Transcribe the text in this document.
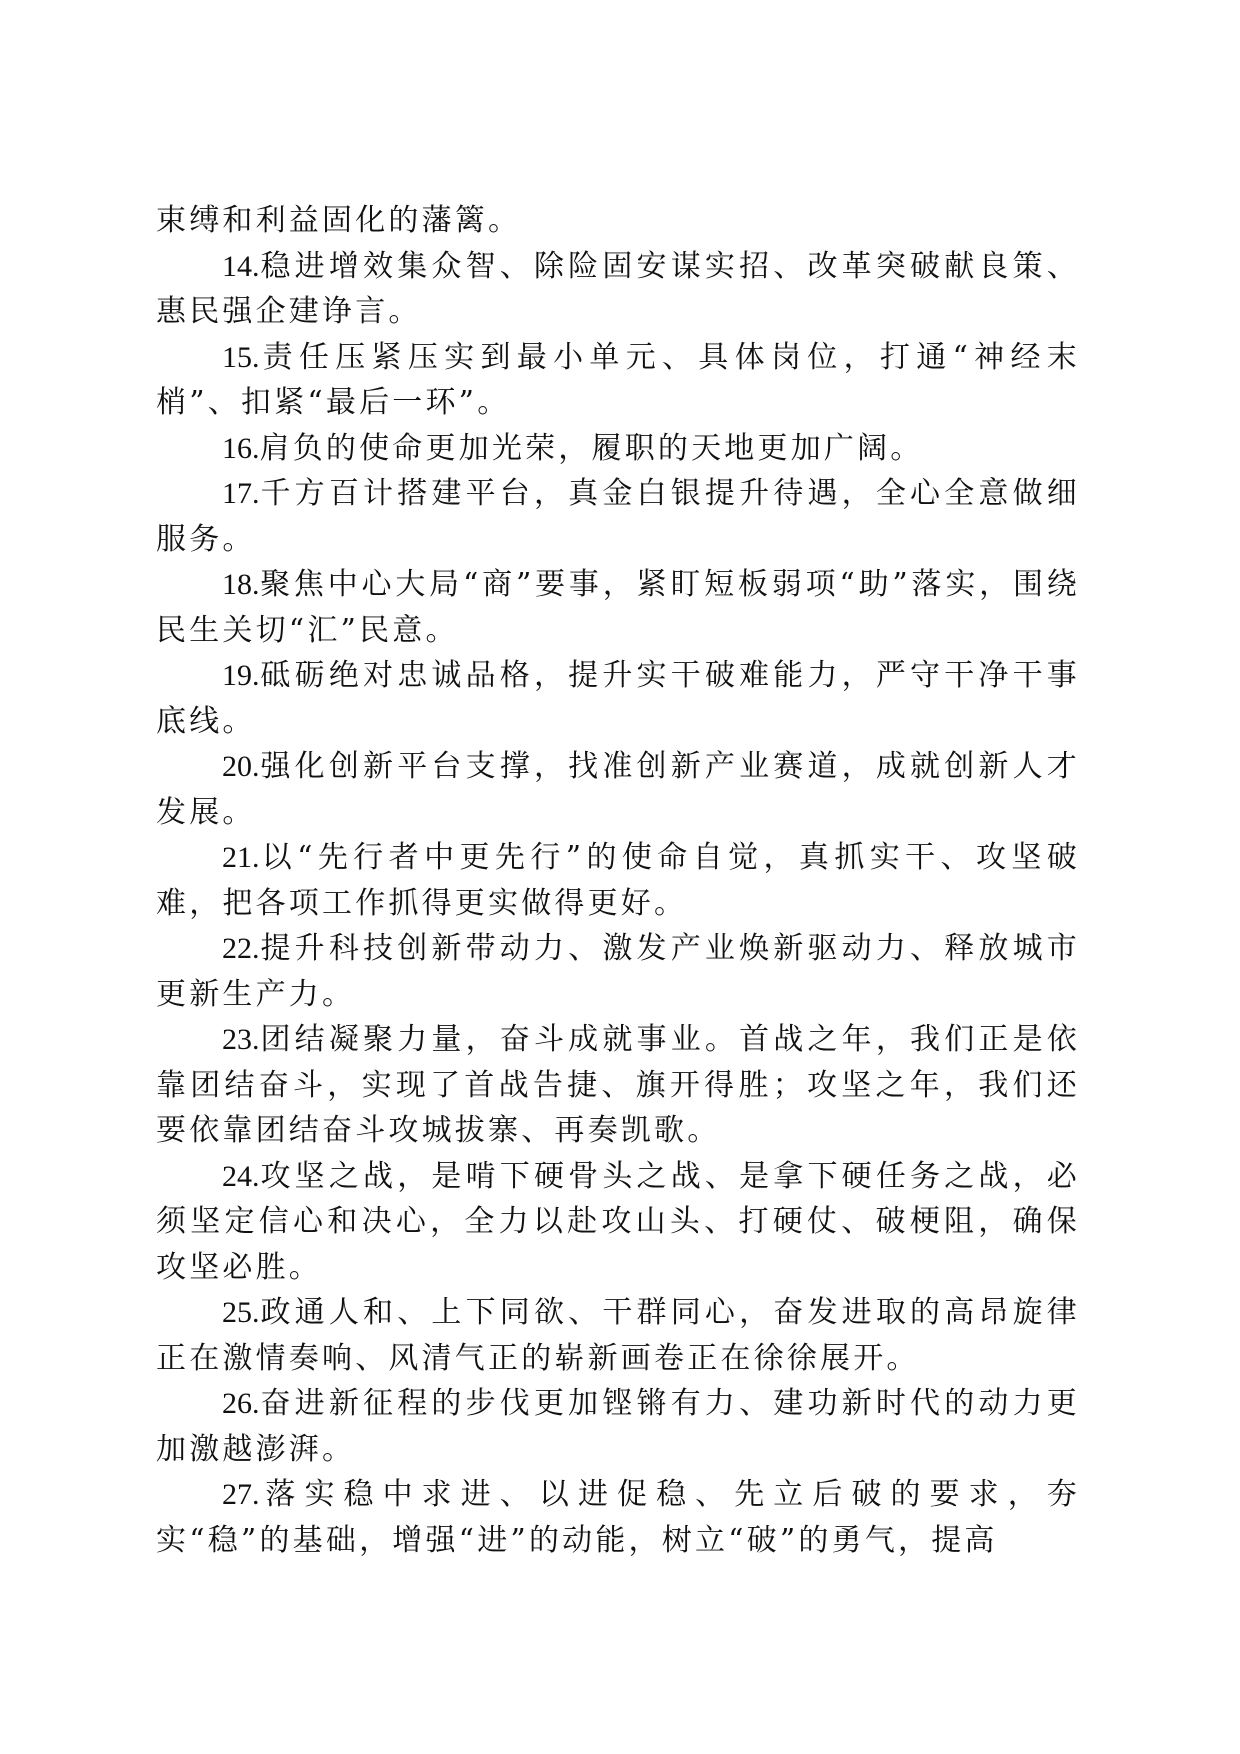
束缚和利益固化的藩篱。

14.稳进增效集众智、除险固安谋实招、改革突破献良策、惠民强企建诤言。

15.责任压紧压实到最小单元、具体岗位，打通“神经末梢”、扣紧“最后一环”。

16.肩负的使命更加光荣，履职的天地更加广阔。

17.千方百计搭建平台，真金白银提升待遇，全心全意做细服务。

18.聚焦中心大局“商”要事，紧盯短板弱项“助”落实，围绕民生关切“汇”民意。

19.砥砺绝对忠诚品格，提升实干破难能力，严守干净干事底线。

20.强化创新平台支撑，找准创新产业赛道，成就创新人才发展。

21.以“先行者中更先行”的使命自觉，真抓实干、攻坚破难，把各项工作抓得更实做得更好。

22.提升科技创新带动力、激发产业焕新驱动力、释放城市更新生产力。

23.团结凝聚力量，奋斗成就事业。首战之年，我们正是依靠团结奋斗，实现了首战告捷、旗开得胜；攻坚之年，我们还要依靠团结奋斗攻城拔寨、再奏凯歌。

24.攻坚之战，是啃下硬骨头之战、是拿下硬任务之战，必须坚定信心和决心，全力以赴攻山头、打硬仗、破梗阻，确保攻坚必胜。

25.政通人和、上下同欲、干群同心，奋发进取的高昂旋律正在激情奏响、风清气正的崭新画卷正在徐徐展开。

26.奋进新征程的步伐更加铿锵有力、建功新时代的动力更加激越澎湃。

27.落实稳中求进、以进促稳、先立后破的要求，夯实“稳”的基础，增强“进”的动能，树立“破”的勇气，提高
